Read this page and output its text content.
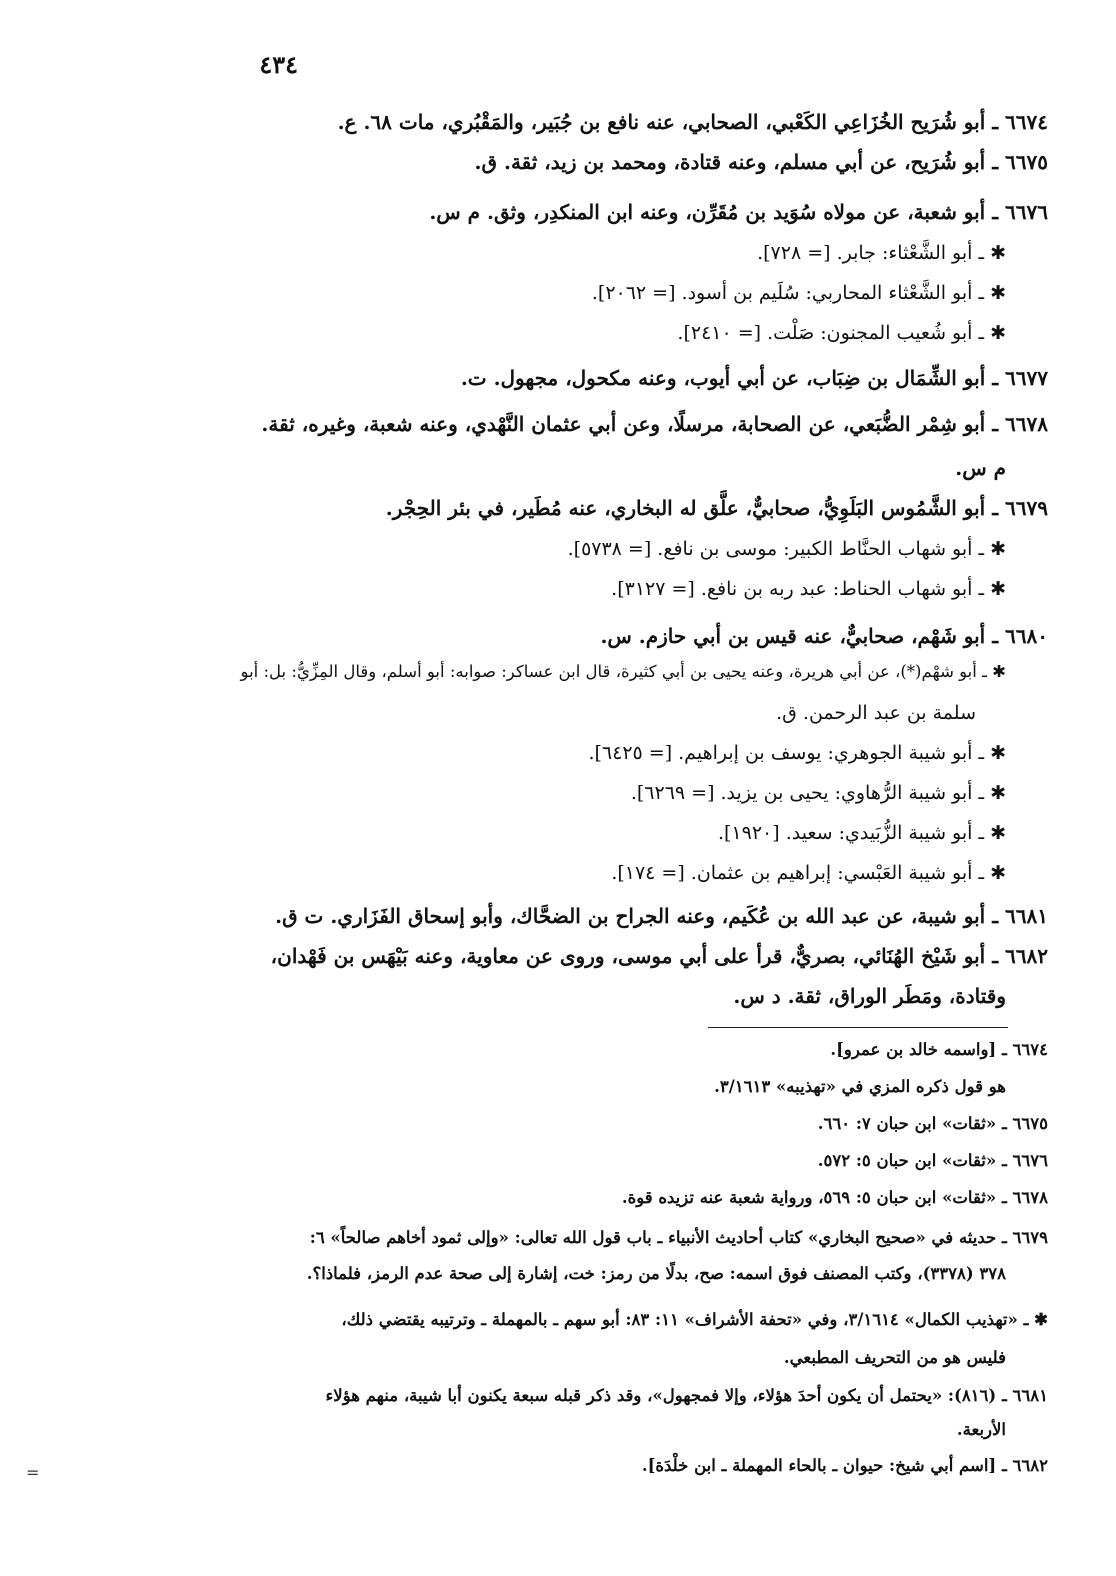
٤٣٤

٦٦٧٤ ـ أبو شُرَيح الخُزَاعِي الكَعْبي، الصحابي، عنه نافع بن جُبَير، والمَقْبُري، مات ٦٨. ع.

٦٦٧٥ ـ أبو شُرَيح، عن أبي مسلم، وعنه قتادة، ومحمد بن زيد، ثقة. ق.

٦٦٧٦ ـ أبو شعبة، عن مولاه سُوَيد بن مُقَرِّن، وعنه ابن المنكدِر، وثق. م س.

✱ ـ أبو الشَّعْثاء: جابر. [= ٧٢٨].

✱ ـ أبو الشَّعْثاء المحاربي: سُلَيم بن أسود. [= ٢٠٦٢].

✱ ـ أبو شُعيب المجنون: صَلْت. [= ٢٤١٠].

٦٦٧٧ ـ أبو الشِّمَال بن ضِبَاب، عن أبي أيوب، وعنه مكحول، مجهول. ت.

٦٦٧٨ ـ أبو شِمْر الضُّبَعي، عن الصحابة، مرسلًا، وعن أبي عثمان النَّهْدي، وعنه شعبة، وغيره، ثقة.

م س.

٦٦٧٩ ـ أبو الشَّمُوس البَلَوِيُّ، صحابيٌّ، علَّق له البخاري، عنه مُطَير، في بئر الحِجْر.

✱ ـ أبو شهاب الحنَّاط الكبير: موسى بن نافع. [= ٥٧٣٨].

✱ ـ أبو شهاب الحناط: عبد ربه بن نافع. [= ٣١٢٧].

٦٦٨٠ ـ أبو شَهْم، صحابيٌّ، عنه قيس بن أبي حازم. س.

✱ ـ أبو شهْم(*)، عن أبي هريرة، وعنه يحيى بن أبي كثيرة، قال ابن عساكر: صوابه: أبو أسلم، وقال المِزِّيُّ: بل: أبو

سلمة بن عبد الرحمن. ق.

✱ ـ أبو شيبة الجوهري: يوسف بن إبراهيم. [= ٦٤٢٥].

✱ ـ أبو شيبة الرُّهاوي: يحيى بن يزيد. [= ٦٢٦٩].

✱ ـ أبو شيبة الزُّبَيدي: سعيد. [١٩٢٠].

✱ ـ أبو شيبة العَبْسي: إبراهيم بن عثمان. [= ١٧٤].

٦٦٨١ ـ أبو شيبة، عن عبد الله بن عُكَيم، وعنه الجراح بن الضحَّاك، وأبو إسحاق الفَزَاري. ت ق.

٦٦٨٢ ـ أبو شَيْخ الهُنَائي، بصريٌّ، قرأ على أبي موسى، وروى عن معاوية، وعنه بَيْهَس بن فَهْدان،

وقتادة، ومَطَر الوراق، ثقة. د س.

٦٦٧٤ ـ [واسمه خالد بن عمرو].

هو قول ذكره المزي في «تهذيبه» ٣/١٦١٣.

٦٦٧٥ ـ «ثقات» ابن حبان ٧: ٦٦٠.

٦٦٧٦ ـ «ثقات» ابن حبان ٥: ٥٧٢.

٦٦٧٨ ـ «ثقات» ابن حبان ٥: ٥٦٩، ورواية شعبة عنه تزيده قوة.

٦٦٧٩ ـ حديثه في «صحيح البخاري» كتاب أحاديث الأنبياء ـ باب قول الله تعالى: «وإلى ثمود أخاهم صالحاً» ٦:

٣٧٨ (٣٣٧٨)، وكتب المصنف فوق اسمه: صح، بدلًا من رمز: خت، إشارة إلى صحة عدم الرمز، فلماذا؟.

✱ ـ «تهذيب الكمال» ٣/١٦١٤، وفي «تحفة الأشراف» ١١: ٨٣: أبو سهم ـ بالمهملة ـ وترتيبه يقتضي ذلك،

فليس هو من التحريف المطبعي.

٦٦٨١ ـ (٨١٦): «يحتمل أن يكون أحدَ هؤلاء، وإلا فمجهول»، وقد ذكر قبله سبعة يكنون أبا شيبة، منهم هؤلاء

الأربعة.

٦٦٨٢ ـ [اسم أبي شيخ: حيوان ـ بالحاء المهملة ـ ابن خلْدَة].

=
